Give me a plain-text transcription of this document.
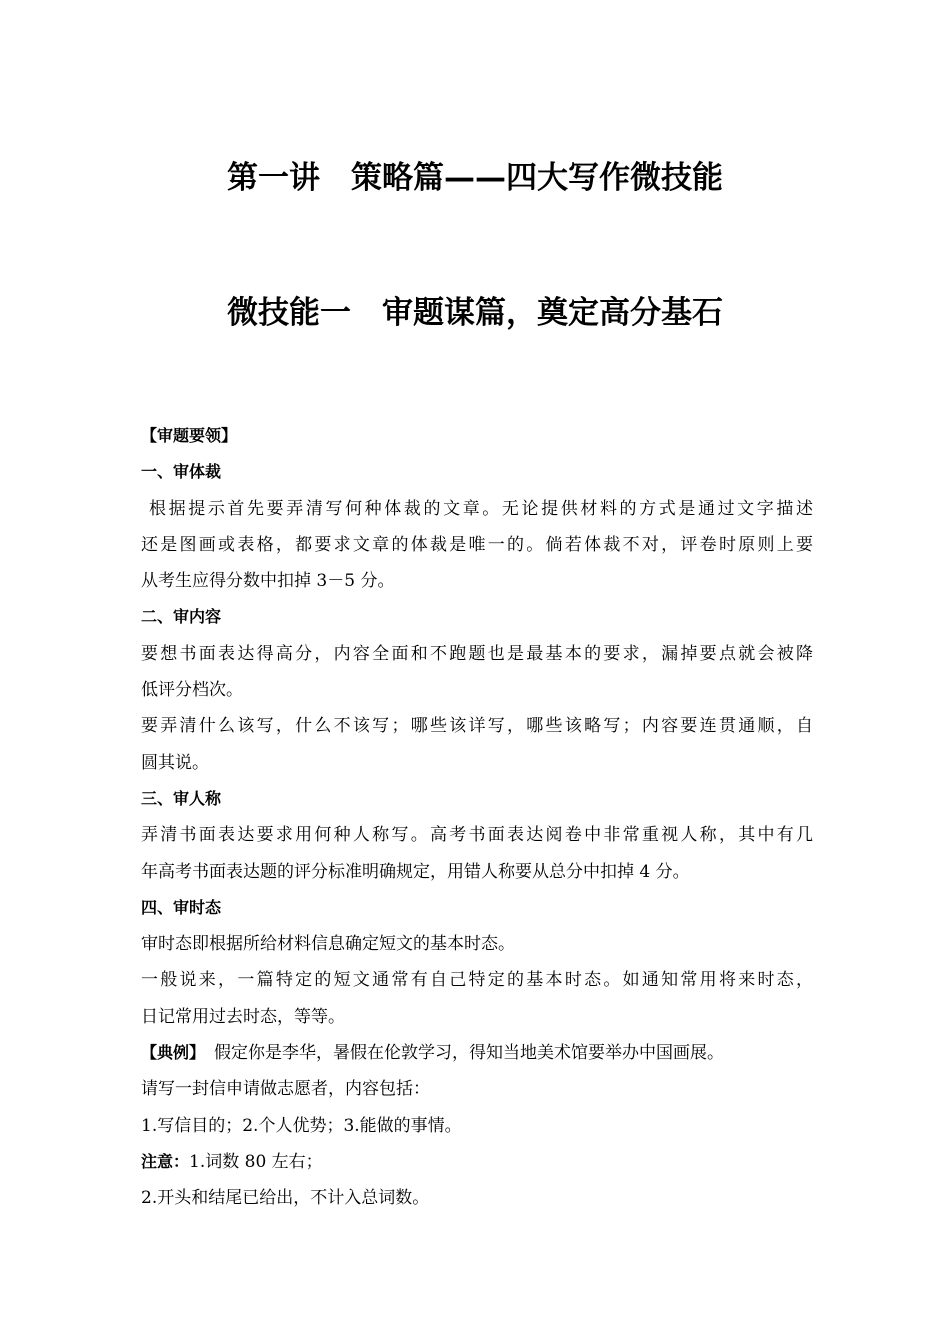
第一讲　策略篇——四大写作微技能
微技能一　审题谋篇，奠定高分基石
【审题要领】
一、审体裁
根据提示首先要弄清写何种体裁的文章。无论提供材料的方式是通过文字描述
还是图画或表格，都要求文章的体裁是唯一的。倘若体裁不对，评卷时原则上要
从考生应得分数中扣掉 3－5 分。
二、审内容
要想书面表达得高分，内容全面和不跑题也是最基本的要求，漏掉要点就会被降
低评分档次。
要弄清什么该写，什么不该写；哪些该详写，哪些该略写；内容要连贯通顺，自
圆其说。
三、审人称
弄清书面表达要求用何种人称写。高考书面表达阅卷中非常重视人称，其中有几
年高考书面表达题的评分标准明确规定，用错人称要从总分中扣掉 4 分。
四、审时态
审时态即根据所给材料信息确定短文的基本时态。
一般说来，一篇特定的短文通常有自己特定的基本时态。如通知常用将来时态，
日记常用过去时态，等等。
【典例】　假定你是李华，暑假在伦敦学习，得知当地美术馆要举办中国画展。
请写一封信申请做志愿者，内容包括：
1.写信目的；2.个人优势；3.能做的事情。
注意：1.词数 80 左右；
2.开头和结尾已给出，不计入总词数。
